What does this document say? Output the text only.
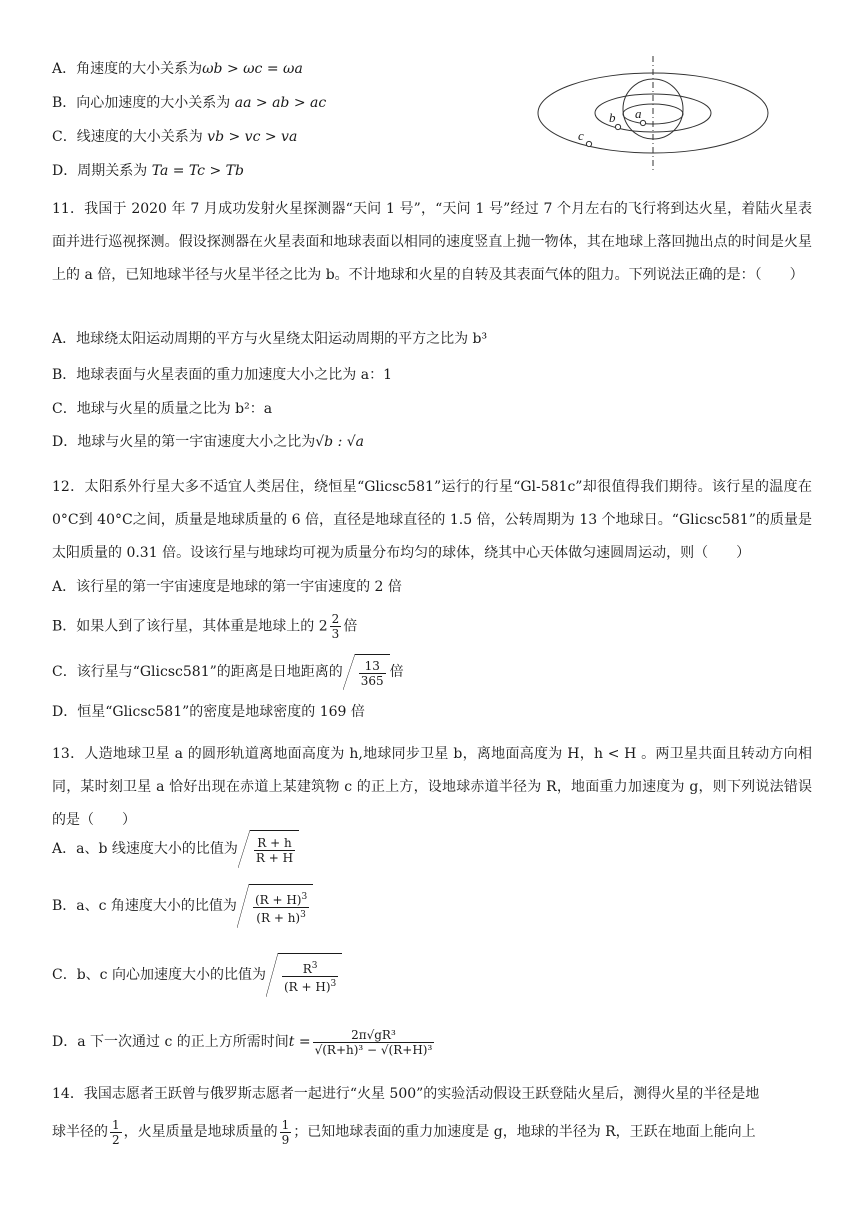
A．角速度的大小关系为ωb > ωc = ωa
B．向心加速度的大小关系为 aa > ab > ac
C．线速度的大小关系为 vb > vc > va
D．周期关系为 Ta = Tc > Tb
a
b
c
11．我国于 2020 年 7 月成功发射火星探测器“天问 1 号”，“天问 1 号”经过 7 个月左右的飞行将到达火星，着陆火星表面并进行巡视探测。假设探测器在火星表面和地球表面以相同的速度竖直上抛一物体，其在地球上落回抛出点的时间是火星上的 a 倍，已知地球半径与火星半径之比为 b。不计地球和火星的自转及其表面气体的阻力。下列说法正确的是：（　　）
A．地球绕太阳运动周期的平方与火星绕太阳运动周期的平方之比为 b³
B．地球表面与火星表面的重力加速度大小之比为 a：1
C．地球与火星的质量之比为 b²：a
D．地球与火星的第一宇宙速度大小之比为√b : √a
12．太阳系外行星大多不适宜人类居住，绕恒星“Glicsc581”运行的行星“Gl-581c”却很值得我们期待。该行星的温度在 0°C到 40°C之间，质量是地球质量的 6 倍，直径是地球直径的 1.5 倍，公转周期为 13 个地球日。“Glicsc581”的质量是太阳质量的 0.31 倍。设该行星与地球均可视为质量分布均匀的球体，绕其中心天体做匀速圆周运动，则（　　）
A．该行星的第一宇宙速度是地球的第一宇宙速度的 2 倍
B．如果人到了该行星，其体重是地球上的 $2 \frac{2}{3}$ 倍
C．该行星与“Glicsc581”的距离是日地距离的 $\frac{13}{365}$ 倍
D．恒星“Glicsc581”的密度是地球密度的 169 倍
13．人造地球卫星 a 的圆形轨道离地面高度为 h,地球同步卫星 b，离地面高度为 H，h < H 。两卫星共面且转动方向相同，某时刻卫星 a 恰好出现在赤道上某建筑物 c 的正上方，设地球赤道半径为 R，地面重力加速度为 g，则下列说法错误的是（　　）
A．a、b 线速度大小的比值为 $\frac{R + h}{R + H}$
B．a、c 角速度大小的比值为 $\frac{(R + H)^3}{(R + h)^3}$
C．b、c 向心加速度大小的比值为 $\frac{R^3}{(R + H)^3}$
D．a 下一次通过 c 的正上方所需时间$t = \frac{\text{2π√gR³}}{\text{√(R+h)³ − √(R+H)³}}$
14．我国志愿者王跃曾与俄罗斯志愿者一起进行“火星 500”的实验活动假设王跃登陆火星后，测得火星的半径是地
球半径的 $\frac{1}{2}$ ，火星质量是地球质量的 $\frac{1}{9}$ ；已知地球表面的重力加速度是 g，地球的半径为 R，王跃在地面上能向上
